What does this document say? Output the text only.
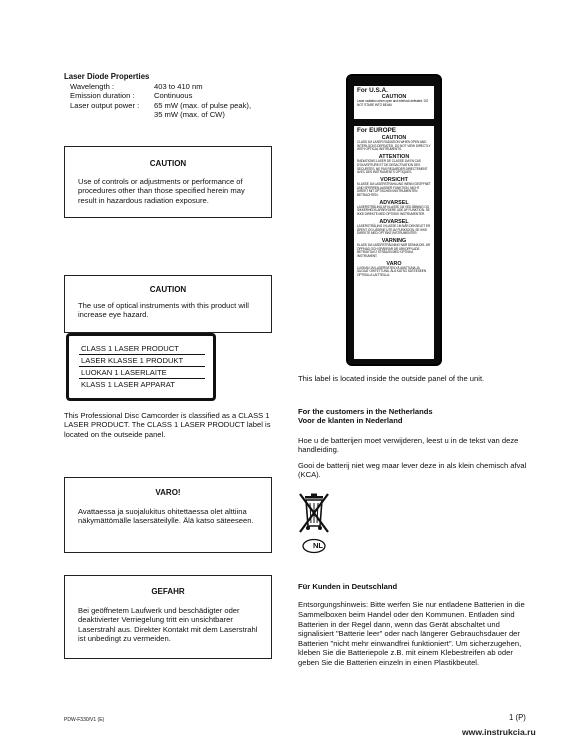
Laser Diode Properties
Wavelength :	403 to 410 nm
Emission duration :	Continuous
Laser output power :	65 mW (max. of pulse peak),
35 mW (max. of CW)
CAUTION
Use of controls or adjustments or performance of procedures other than those specified herein may result in hazardous radiation exposure.
CAUTION
The use of optical instruments with this product will increase eye hazard.
CLASS 1 LASER PRODUCT
LASER KLASSE 1 PRODUKT
LUOKAN 1 LASERLAITE
KLASS 1 LASER APPARAT
This Professional Disc Camcorder is classified as a CLASS 1 LASER PRODUCT. The CLASS 1 LASER PRODUCT label is located on the outseide panel.
VARO!
Avattaessa ja suojalukitus ohitettaessa olet alttiina näkymättömälle lasersäteilylle. Älä katso säteeseen.
GEFAHR
Bei geöffnetem Laufwerk und beschädigter oder deaktivierter Verriegelung tritt ein unsichtbarer Laserstrahl aus. Direkter Kontakt mit dem Laserstrahl ist unbedingt zu vermeiden.
For U.S.A.
CAUTION
Laser radiation when open and interlock defeated. DO NOT STARE INTO BEAM.
For EUROPE
CAUTION
CLASS 1M LASER RADIATION WHEN OPEN AND INTERLOCKS DEFEATED. DO NOT VIEW DIRECTLY WITH OPTICAL INSTRUMENTS.
ATTENTION
RADIATIONS LASER DE CLASSE 1M EN CAS D'OUVERTURE ET DE DESACTIVATION DES SECURITES. NE PAS REGARDER DIRECTEMENT AVEC DES INSTRUMENTS OPTIQUES.
VORSICHT
KLASSE 1M LASERSTRAHLUNG WENN GEÖFFNET UND SPERREN AUSSER FUNKTION. NICHT DIREKT MIT OPTISCHEN INSTRUMENTEN BETRACHTEN.
ADVARSEL
LASERSTRÅLING AF KLASSE 1M VED ÅBNING OG SIKKERHEDS-AFBRYDERE UDE AF FUNKTION. SE IKKE DIREKTE MED OPTISKE INSTRUMENTER.
ADVARSEL
LASERSTRÅLING I KLASSE 1M NÅR DEKSELET ER ÅPENT OG LÅSENE UTE AV FUNKSJON. SE IKKE DIREKTE MED OPTISKE INSTRUMENTER.
VARNING
KLASS 1M LASERSTRÅLNING NÄR DENNA DEL ÄR ÖPPNAD OCH SPÄRRAR ÄR URKOPPLADE. BETRAKTA EJ STRÅLEN MED OPTISKA INSTRUMENT.
VARO
LUOKAN 1M LASERSÄTEILYÄ AVATTUNA JA SUOJAT OHITETTUNA. ÄLÄ KATSO SÄTEESEEN OPTISILLA LAITTEILLA.
This label is located inside the outside panel of the unit.
For the customers in the Netherlands
Voor de klanten in Nederland
Hoe u de batterijen moet verwijderen, leest u in de tekst van deze handleiding.
Gooi de batterij niet weg maar lever deze in als klein chemisch afval (KCA).
NL
Für Kunden in Deutschland
Entsorgungshinweis: Bitte werfen Sie nur entladene Batterien in die Sammelboxen beim Handel oder den Kommunen. Entladen sind Batterien in der Regel dann, wenn das Gerät abschaltet und signalisiert "Batterie leer" oder nach längerer Gebrauchsdauer der Batterien "nicht mehr einwandfrei funktioniert". Um sicherzugehen, kleben Sie die Batteriepole z.B. mit einem Klebestreifen ab oder geben Sie die Batterien einzeln in einen Plastikbeutel.
PDW-F330/V1 (E)	1 (P)
www.instrukcia.ru
